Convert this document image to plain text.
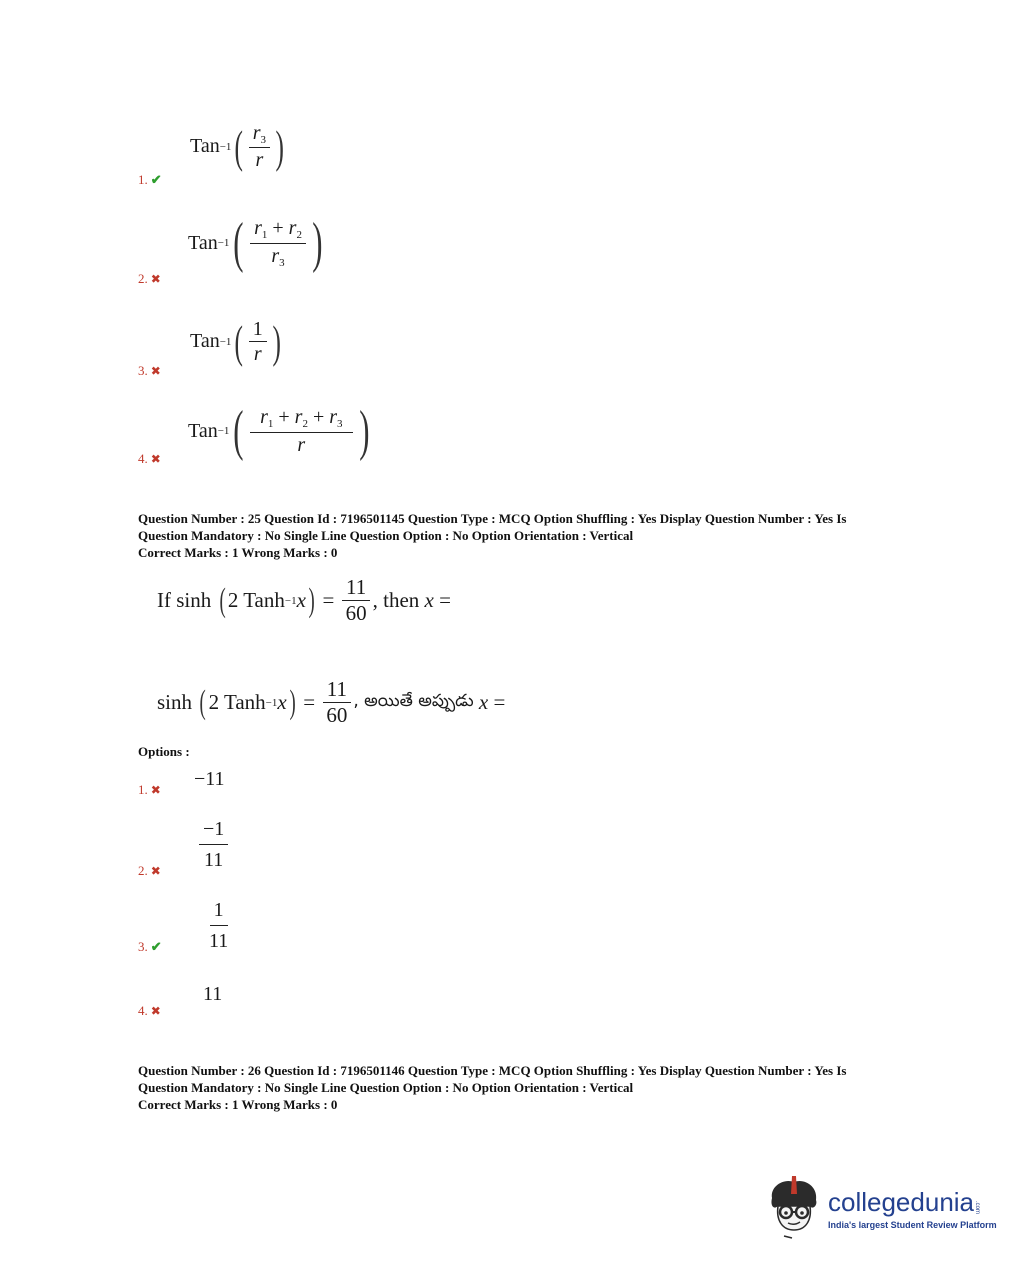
Tan −1 ( $\frac{r_3}{r}$ )
1. ✔
Tan −1 ( $\frac{r_1 + r_2}{r_3}$ )
2. ✖
Tan −1 ( $\frac{1}{r}$ )
3. ✖
Tan −1 ( $\frac{r_1 + r_2 + r_3}{r}$ )
4. ✖
Question Number : 25 Question Id : 7196501145 Question Type : MCQ Option Shuffling : Yes Display Question Number : Yes Is
Question Mandatory : No Single Line Question Option : No Option Orientation : Vertical
Correct Marks : 1 Wrong Marks : 0
If sinh
( 2 Tanh −1 x )
=
$\frac{11}{60}$ , then
x
=
sinh
( 2 Tanh −1 x )
=
$\frac{11}{60}$ , అయితే అప్పుడు
x
=
Options :
−11
1. ✖
$\frac{-1}{11}$
2. ✖
$\frac{1}{11}$
3. ✔
11
4. ✖
Question Number : 26 Question Id : 7196501146 Question Type : MCQ Option Shuffling : Yes Display Question Number : Yes Is
Question Mandatory : No Single Line Question Option : No Option Orientation : Vertical
Correct Marks : 1 Wrong Marks : 0
collegedunia .com
India's largest Student Review Platform
